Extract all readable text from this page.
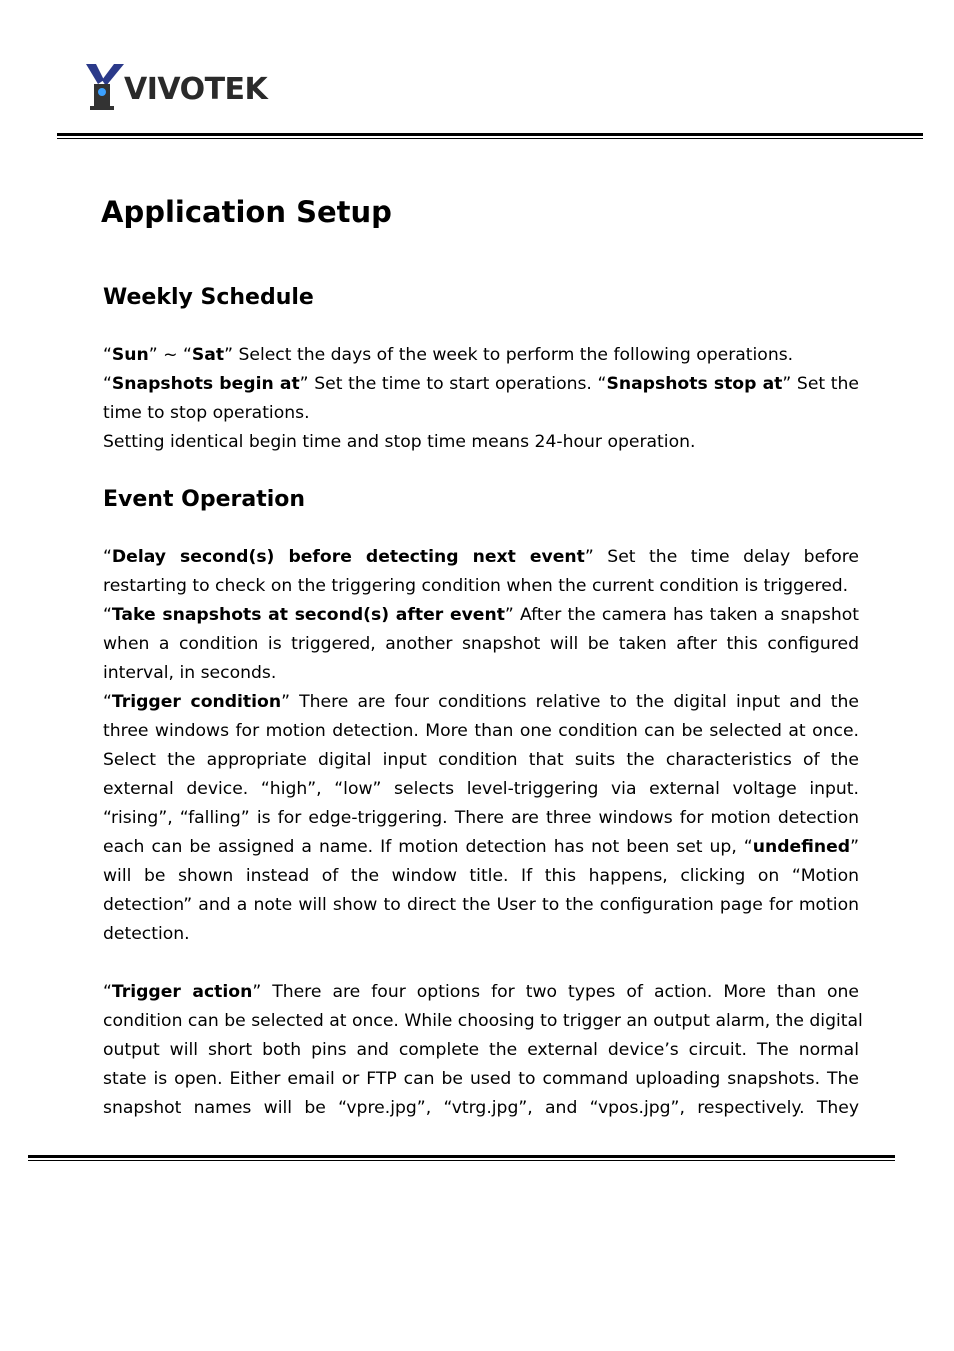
VIVOTEK
Application Setup
Weekly Schedule
“Sun” ~ “Sat” Select the days of the week to perform the following operations.
“Snapshots begin at” Set the time to start operations. “Snapshots stop at” Set the
time to stop operations.
Setting identical begin time and stop time means 24-hour operation.
Event Operation
“Delay second(s) before detecting next event” Set the time delay before
restarting to check on the triggering condition when the current condition is triggered.
“Take snapshots at second(s) after event” After the camera has taken a snapshot
when a condition is triggered, another snapshot will be taken after this configured
interval, in seconds.
“Trigger condition” There are four conditions relative to the digital input and the
three windows for motion detection. More than one condition can be selected at once.
Select the appropriate digital input condition that suits the characteristics of the
external device. “high”, “low” selects level-triggering via external voltage input.
“rising”, “falling” is for edge-triggering. There are three windows for motion detection
each can be assigned a name. If motion detection has not been set up, “undefined”
will be shown instead of the window title. If this happens, clicking on “Motion
detection” and a note will show to direct the User to the configuration page for motion
detection.
“Trigger action” There are four options for two types of action. More than one
condition can be selected at once. While choosing to trigger an output alarm, the digital
output will short both pins and complete the external device’s circuit. The normal
state is open. Either email or FTP can be used to command uploading snapshots. The
snapshot names will be “vpre.jpg”, “vtrg.jpg”, and “vpos.jpg”, respectively. They
